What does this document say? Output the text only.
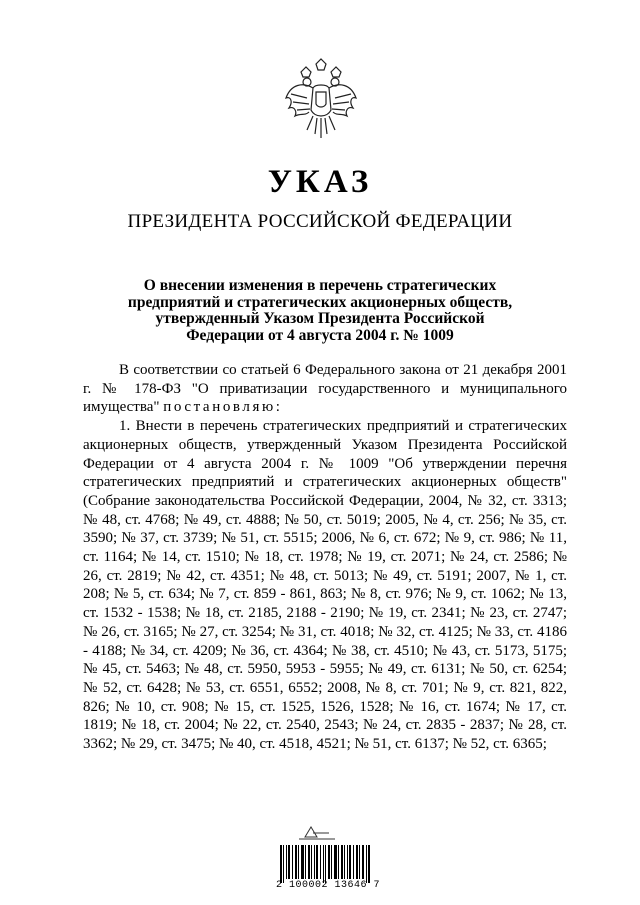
УКАЗ
ПРЕЗИДЕНТА РОССИЙСКОЙ ФЕДЕРАЦИИ
О внесении изменения в перечень стратегических
предприятий и стратегических акционерных обществ,
утвержденный Указом Президента Российской
Федерации от 4 августа 2004 г. № 1009

В соответствии со статьей 6 Федерального закона от 21 декабря 2001 г. № 178-ФЗ "О приватизации государственного и муниципального имущества" постановляю:

1. Внести в перечень стратегических предприятий и стратегических акционерных обществ, утвержденный Указом Президента Российской Федерации от 4 августа 2004 г. № 1009 "Об утверждении перечня стратегических предприятий и стратегических акционерных обществ" (Собрание законодательства Российской Федерации, 2004, № 32, ст. 3313; № 48, ст. 4768; № 49, ст. 4888; № 50, ст. 5019; 2005, № 4, ст. 256; № 35, ст. 3590; № 37, ст. 3739; № 51, ст. 5515; 2006, № 6, ст. 672; № 9, ст. 986; № 11, ст. 1164; № 14, ст. 1510; № 18, ст. 1978; № 19, ст. 2071; № 24, ст. 2586; № 26, ст. 2819; № 42, ст. 4351; № 48, ст. 5013; № 49, ст. 5191; 2007, № 1, ст. 208; № 5, ст. 634; № 7, ст. 859 - 861, 863; № 8, ст. 976; № 9, ст. 1062; № 13, ст. 1532 - 1538; № 18, ст. 2185, 2188 - 2190; № 19, ст. 2341; № 23, ст. 2747; № 26, ст. 3165; № 27, ст. 3254; № 31, ст. 4018; № 32, ст. 4125; № 33, ст. 4186 - 4188; № 34, ст. 4209; № 36, ст. 4364; № 38, ст. 4510; № 43, ст. 5173, 5175; № 45, ст. 5463; № 48, ст. 5950, 5953 - 5955; № 49, ст. 6131; № 50, ст. 6254; № 52, ст. 6428; № 53, ст. 6551, 6552; 2008, № 8, ст. 701; № 9, ст. 821, 822, 826; № 10, ст. 908; № 15, ст. 1525, 1526, 1528; № 16, ст. 1674; № 17, ст. 1819; № 18, ст. 2004; № 22, ст. 2540, 2543; № 24, ст. 2835 - 2837; № 28, ст. 3362; № 29, ст. 3475; № 40, ст. 4518, 4521; № 51, ст. 6137; № 52, ст. 6365;

2 100002 13646 7
